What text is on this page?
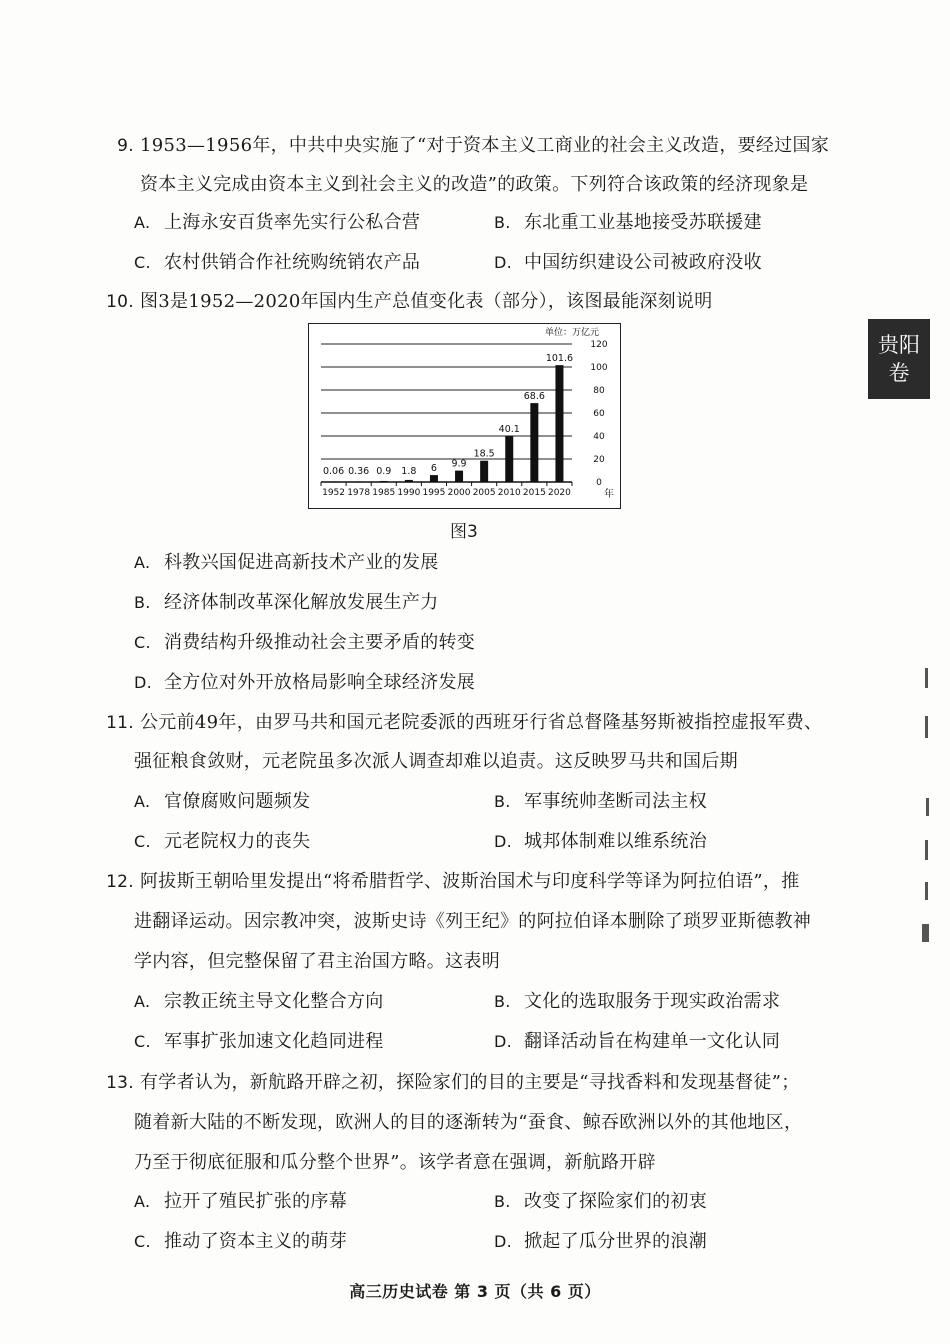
9. 1953—1956年，中共中央实施了“对于资本主义工商业的社会主义改造，要经过国家
资本主义完成由资本主义到社会主义的改造”的政策。下列符合该政策的经济现象是
A. 上海永安百货率先实行公私合营	B. 东北重工业基地接受苏联援建
C. 农村供销合作社统购统销农产品	D. 中国纺织建设公司被政府没收
10. 图3是1952—2020年国内生产总值变化表（部分），该图最能深刻说明
单位：万亿元
年
0.06 0.36 0.9 1.8 6 9.9
18.5
40.1
68.6
101.6
0
20
40
60
80
100
120
1952 1978 1985 1990 1995 2000 2005 2010 2015 2020
图3
A. 科教兴国促进高新技术产业的发展
B. 经济体制改革深化解放发展生产力
C. 消费结构升级推动社会主要矛盾的转变
D. 全方位对外开放格局影响全球经济发展
11. 公元前49年，由罗马共和国元老院委派的西班牙行省总督隆基努斯被指控虚报军费、
强征粮食敛财，元老院虽多次派人调查却难以追责。这反映罗马共和国后期
A. 官僚腐败问题频发	B. 军事统帅垄断司法主权
C. 元老院权力的丧失	D. 城邦体制难以维系统治
12. 阿拔斯王朝哈里发提出“将希腊哲学、波斯治国术与印度科学等译为阿拉伯语”，推
进翻译运动。因宗教冲突，波斯史诗《列王纪》的阿拉伯译本删除了琐罗亚斯德教神
学内容，但完整保留了君主治国方略。这表明
A. 宗教正统主导文化整合方向	B. 文化的选取服务于现实政治需求
C. 军事扩张加速文化趋同进程	D. 翻译活动旨在构建单一文化认同
13. 有学者认为，新航路开辟之初，探险家们的目的主要是“寻找香料和发现基督徒”；
随着新大陆的不断发现，欧洲人的目的逐渐转为“蚕食、鲸吞欧洲以外的其他地区，
乃至于彻底征服和瓜分整个世界”。该学者意在强调，新航路开辟
A. 拉开了殖民扩张的序幕	B. 改变了探险家们的初衷
C. 推动了资本主义的萌芽	D. 掀起了瓜分世界的浪潮
贵阳
卷
高三历史试卷 第 3 页（共 6 页）
